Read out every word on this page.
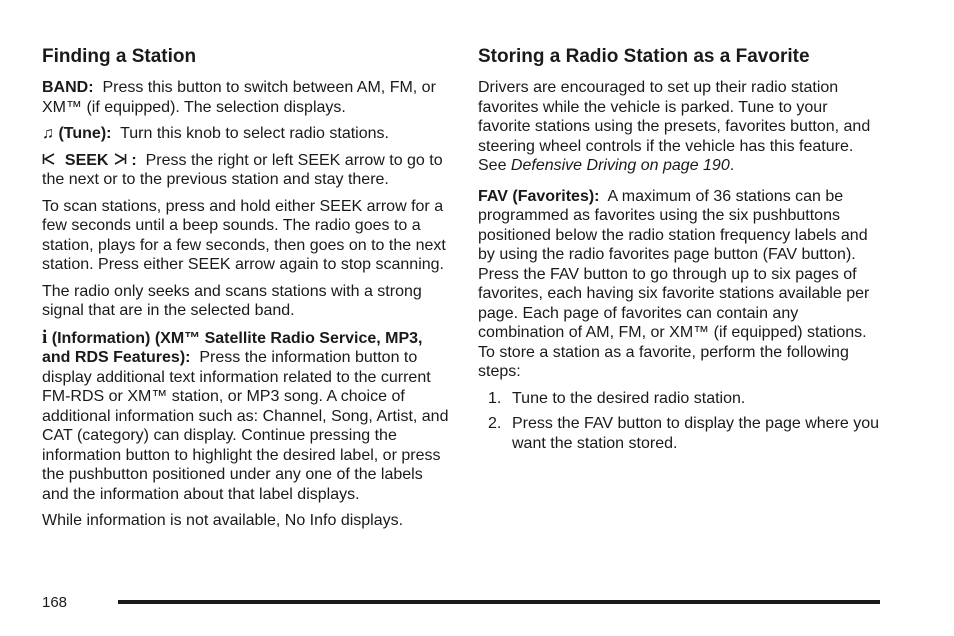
Finding a Station

BAND: Press this button to switch between AM, FM, or XM™ (if equipped). The selection displays.

♫ (Tune): Turn this knob to select radio stations.

SEEK : Press the right or left SEEK arrow to go to the next or to the previous station and stay there.

To scan stations, press and hold either SEEK arrow for a few seconds until a beep sounds. The radio goes to a station, plays for a few seconds, then goes on to the next station. Press either SEEK arrow again to stop scanning.

The radio only seeks and scans stations with a strong signal that are in the selected band.

i (Information) (XM™ Satellite Radio Service, MP3, and RDS Features): Press the information button to display additional text information related to the current FM-RDS or XM™ station, or MP3 song. A choice of additional information such as: Channel, Song, Artist, and CAT (category) can display. Continue pressing the information button to highlight the desired label, or press the pushbutton positioned under any one of the labels and the information about that label displays.

While information is not available, No Info displays.

Storing a Radio Station as a Favorite

Drivers are encouraged to set up their radio station favorites while the vehicle is parked. Tune to your favorite stations using the presets, favorites button, and steering wheel controls if the vehicle has this feature. See Defensive Driving on page 190.

FAV (Favorites): A maximum of 36 stations can be programmed as favorites using the six pushbuttons positioned below the radio station frequency labels and by using the radio favorites page button (FAV button). Press the FAV button to go through up to six pages of favorites, each having six favorite stations available per page. Each page of favorites can contain any combination of AM, FM, or XM™ (if equipped) stations. To store a station as a favorite, perform the following steps:

1. Tune to the desired radio station.
2. Press the FAV button to display the page where you want the station stored.
168
